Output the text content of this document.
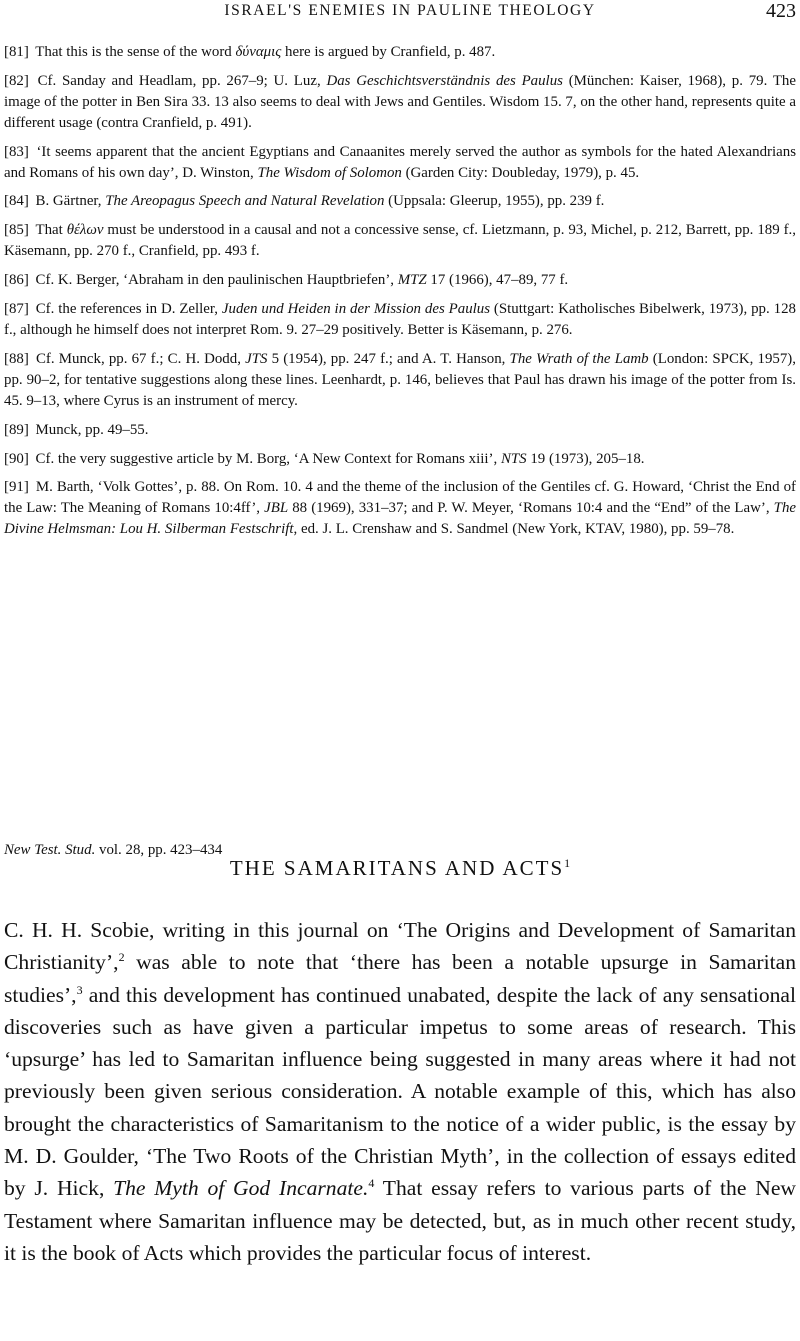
ISRAEL'S ENEMIES IN PAULINE THEOLOGY	423

[81] That this is the sense of the word δύναμις here is argued by Cranfield, p. 487.

[82] Cf. Sanday and Headlam, pp. 267–9; U. Luz, Das Geschichtsverständnis des Paulus (München: Kaiser, 1968), p. 79. The image of the potter in Ben Sira 33. 13 also seems to deal with Jews and Gentiles. Wisdom 15. 7, on the other hand, represents quite a different usage (contra Cranfield, p. 491).

[83] ‘It seems apparent that the ancient Egyptians and Canaanites merely served the author as symbols for the hated Alexandrians and Romans of his own day’, D. Winston, The Wisdom of Solomon (Garden City: Doubleday, 1979), p. 45.

[84] B. Gärtner, The Areopagus Speech and Natural Revelation (Uppsala: Gleerup, 1955), pp. 239 f.

[85] That θέλων must be understood in a causal and not a concessive sense, cf. Lietzmann, p. 93, Michel, p. 212, Barrett, pp. 189 f., Käsemann, pp. 270 f., Cranfield, pp. 493 f.

[86] Cf. K. Berger, ‘Abraham in den paulinischen Hauptbriefen’, MTZ 17 (1966), 47–89, 77 f.

[87] Cf. the references in D. Zeller, Juden und Heiden in der Mission des Paulus (Stuttgart: Katholisches Bibelwerk, 1973), pp. 128 f., although he himself does not interpret Rom. 9. 27–29 positively. Better is Käsemann, p. 276.

[88] Cf. Munck, pp. 67 f.; C. H. Dodd, JTS 5 (1954), pp. 247 f.; and A. T. Hanson, The Wrath of the Lamb (London: SPCK, 1957), pp. 90–2, for tentative suggestions along these lines. Leenhardt, p. 146, believes that Paul has drawn his image of the potter from Is. 45. 9–13, where Cyrus is an instrument of mercy.

[89] Munck, pp. 49–55.

[90] Cf. the very suggestive article by M. Borg, ‘A New Context for Romans xiii’, NTS 19 (1973), 205–18.

[91] M. Barth, ‘Volk Gottes’, p. 88. On Rom. 10. 4 and the theme of the inclusion of the Gentiles cf. G. Howard, ‘Christ the End of the Law: The Meaning of Romans 10:4ff’, JBL 88 (1969), 331–37; and P. W. Meyer, ‘Romans 10:4 and the “End” of the Law’, The Divine Helmsman: Lou H. Silberman Festschrift, ed. J. L. Crenshaw and S. Sandmel (New York, KTAV, 1980), pp. 59–78.

New Test. Stud. vol. 28, pp. 423–434
THE SAMARITANS AND ACTS$^1$

C. H. H. Scobie, writing in this journal on ‘The Origins and Development of Samaritan Christianity’,$^2$ was able to note that ‘there has been a notable upsurge in Samaritan studies’,$^3$ and this development has continued unabated, despite the lack of any sensational discoveries such as have given a particular impetus to some areas of research. This ‘upsurge’ has led to Samaritan influence being suggested in many areas where it had not previously been given serious consideration. A notable example of this, which has also brought the characteristics of Samaritanism to the notice of a wider public, is the essay by M. D. Goulder, ‘The Two Roots of the Christian Myth’, in the collection of essays edited by J. Hick, The Myth of God Incarnate.$^4$ That essay refers to various parts of the New Testament where Samaritan influence may be detected, but, as in much other recent study, it is the book of Acts which provides the particular focus of interest.
